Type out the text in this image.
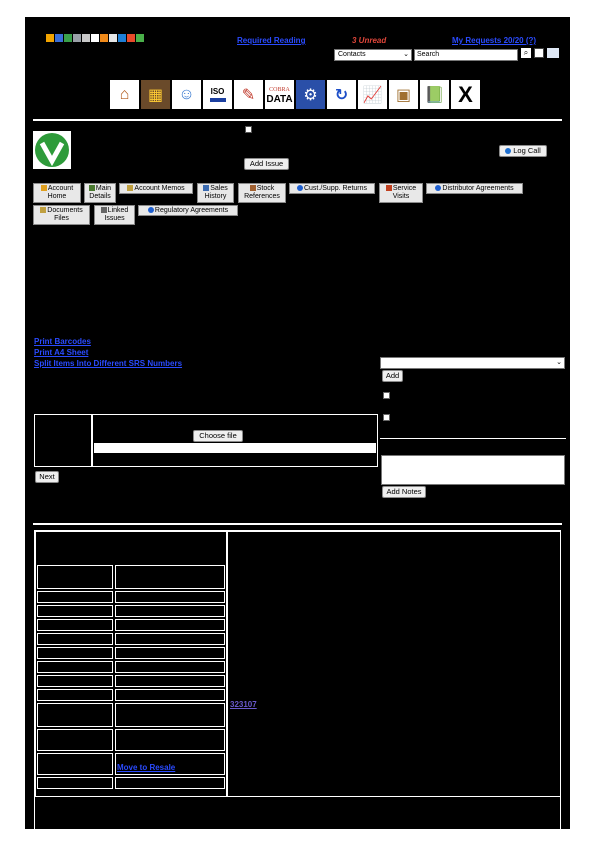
Required Reading	3 Unread	My Requests 20/20 (?)
Contacts	⌄	Search	⌕
⌂	▦ ☺	ISO	✎	COBRA
DATA ⚙	↻ 📈 ▣ 📗 X
Add Issue
Log Call
Account Home
Main Details
Account Memos	Sales History
Stock References
Cust./Supp. Returns	Service Visits
Distributor Agreements
Documents Files
Linked Issues
Regulatory Agreements
Print Barcodes
Print A4 Sheet
Split Items Into Different SRS Numbers	⌄
Add
Add Notes
Choose file
Next
Move to Resale
323107
